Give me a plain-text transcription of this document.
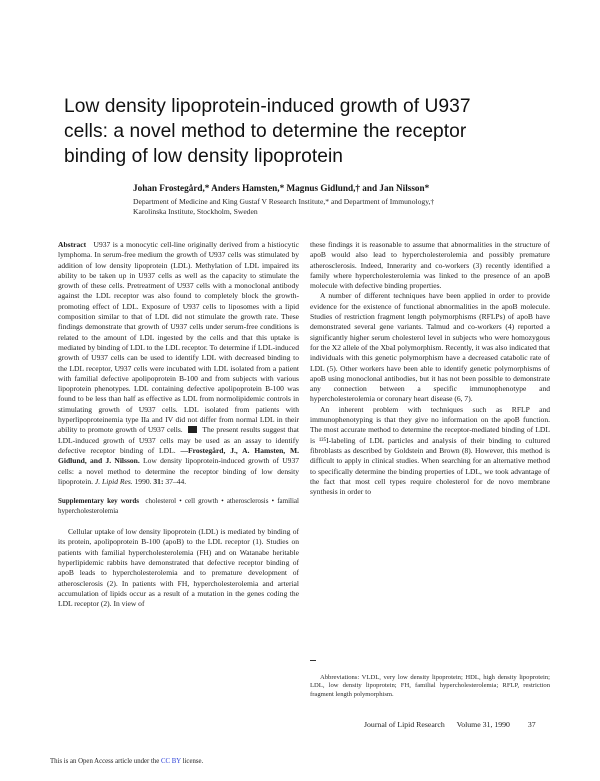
Low density lipoprotein-induced growth of U937
cells: a novel method to determine the receptor
binding of low density lipoprotein
Johan Frostegård,* Anders Hamsten,* Magnus Gidlund,† and Jan Nilsson*
Department of Medicine and King Gustaf V Research Institute,* and Department of Immunology,†
Karolinska Institute, Stockholm, Sweden

Abstract U937 is a monocytic cell-line originally derived from a histiocytic lymphoma. In serum-free medium the growth of U937 cells was stimulated by addition of low density lipoprotein (LDL). Methylation of LDL impaired its ability to be taken up in U937 cells as well as the capacity to stimulate the growth of these cells. Pretreatment of U937 cells with a monoclonal antibody against the LDL receptor was also found to completely block the growth-promoting effect of LDL. Exposure of U937 cells to liposomes with a lipid composition similar to that of LDL did not stimulate the growth rate. These findings demonstrate that growth of U937 cells under serum-free conditions is related to the amount of LDL ingested by the cells and that this uptake is mediated by binding of LDL to the LDL receptor. To determine if LDL-induced growth of U937 cells can be used to identify LDL with decreased binding to the LDL receptor, U937 cells were incubated with LDL isolated from a patient with familial defective apolipoprotein B-100 and from subjects with various lipoprotein phenotypes. LDL containing defective apolipoprotein B-100 was found to be less than half as effective as LDL from normolipidemic controls in stimulating growth of U937 cells. LDL isolated from patients with hyperlipoproteinemia type IIa and IV did not differ from normal LDL in their ability to promote growth of U937 cells.	The present results suggest that LDL-induced growth of U937 cells may be used as an assay to identify defective receptor binding of LDL. —Frostegård, J., A. Hamsten, M. Gidlund, and J. Nilsson. Low density lipoprotein-induced growth of U937 cells: a novel method to determine the receptor binding of low density lipoprotein. J. Lipid Res. 1990. 31: 37–44.

Supplementary key words cholesterol • cell growth • atherosclerosis • familial hypercholesterolemia

Cellular uptake of low density lipoprotein (LDL) is mediated by binding of its protein, apolipoprotein B-100 (apoB) to the LDL receptor (1). Studies on patients with familial hypercholesterolemia (FH) and on Watanabe heritable hyperlipidemic rabbits have demonstrated that defective receptor binding of apoB leads to hypercholesterolemia and to premature development of atherosclerosis (2). In patients with FH, hypercholesterolemia and arterial accumulation of lipids occur as a result of a mutation in the genes coding the LDL receptor (2). In view of

these findings it is reasonable to assume that abnormalities in the structure of apoB would also lead to hypercholesterolemia and possibly premature atherosclerosis. Indeed, Innerarity and co-workers (3) recently identified a family where hypercholesterolemia was linked to the presence of an apoB molecule with defective binding properties.

A number of different techniques have been applied in order to provide evidence for the existence of functional abnormalities in the apoB molecule. Studies of restriction fragment length polymorphisms (RFLPs) of apoB have demonstrated several gene variants. Talmud and co-workers (4) reported a significantly higher serum cholesterol level in subjects who were homozygous for the X2 allele of the XbaI polymorphism. Recently, it was also indicated that individuals with this genetic polymorphism have a decreased catabolic rate of LDL (5). Other workers have been able to identify genetic polymorphisms of apoB using monoclonal antibodies, but it has not been possible to demonstrate any connection between a specific immunophenotype and hypercholesterolemia or coronary heart disease (6, 7).

An inherent problem with techniques such as RFLP and immunophenotyping is that they give no information on the apoB function. The most accurate method to determine the receptor-mediated binding of LDL is ¹²⁵I-labeling of LDL particles and analysis of their binding to cultured fibroblasts as described by Goldstein and Brown (8). However, this method is difficult to apply in clinical studies. When searching for an alternative method to specifically determine the binding properties of LDL, we took advantage of the fact that most cell types require cholesterol for de novo membrane synthesis in order to

Abbreviations: VLDL, very low density lipoprotein; HDL, high density lipoprotein; LDL, low density lipoprotein; FH, familial hypercholesterolemia; RFLP, restriction fragment length polymorphism.

Journal of Lipid Research Volume 31, 1990 37
This is an Open Access article under the CC BY license.
